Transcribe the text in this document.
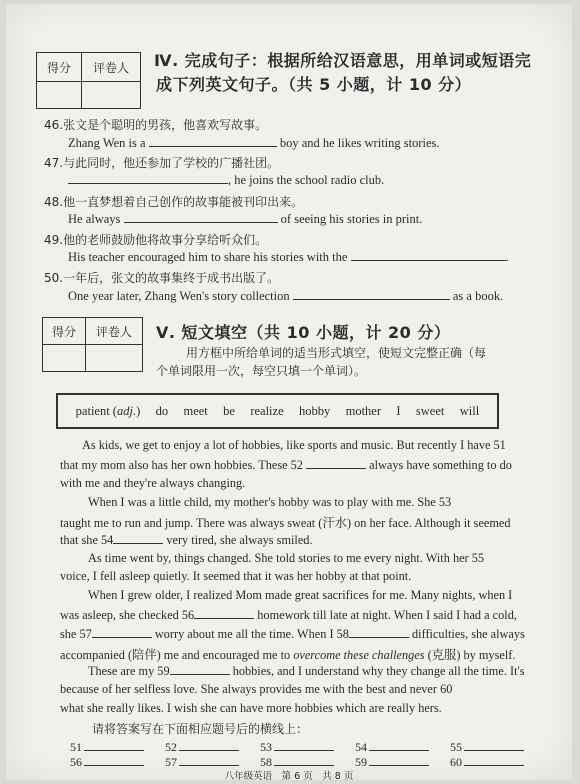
得分	评卷人
	Ⅳ. 完成句子：根据所给汉语意思，用单词或短语完
成下列英文句子。（共 5 小题，计 10 分）
46.张文是个聪明的男孩，他喜欢写故事。
Zhang Wen is a	boy and he likes writing stories.
47.与此同时，他还参加了学校的广播社团。
, he joins the school radio club.
48.他一直梦想着自己创作的故事能被刊印出来。
He always	of seeing his stories in print.
49.他的老师鼓励他将故事分享给听众们。
His teacher encouraged him to share his stories with the	.
50.一年后，张文的故事集终于成书出版了。
One year later, Zhang Wen's story collection	as a book.
得分	评卷人
	Ⅴ. 短文填空（共 10 小题，计 20 分）
用方框中所给单词的适当形式填空，使短文完整正确（每
个单词限用一次，每空只填一个单词）。
patient (adj.) do meet be realize hobby mother I sweet will
As kids, we get to enjoy a lot of hobbies, like sports and music. But recently I have 51
that my mom also has her own hobbies. These 52	always have something to do
with me and they're always changing.
When I was a little child, my mother's hobby was to play with me. She 53
taught me to run and jump. There was always sweat (汗水) on her face. Although it seemed
that she 54	very tired, she always smiled.
As time went by, things changed. She told stories to me every night. With her 55
voice, I fell asleep quietly. It seemed that it was her hobby at that point.
When I grew older, I realized Mom made great sacrifices for me. Many nights, when I
was asleep, she checked 56	homework till late at night. When I said I had a cold,
she 57	worry about me all the time. When I 58	difficulties, she always
accompanied (陪伴) me and encouraged me to overcome these challenges (克服) by myself.
These are my 59	hobbies, and I understand why they change all the time. It's
because of her selfless love. She always provides me with the best and never 60
what she really likes. I wish she can have more hobbies which are really hers.
请将答案写在下面相应题号后的横线上：
51	52	53	54	55
56	57	58	59	60
八年级英语　第 6 页　共 8 页
